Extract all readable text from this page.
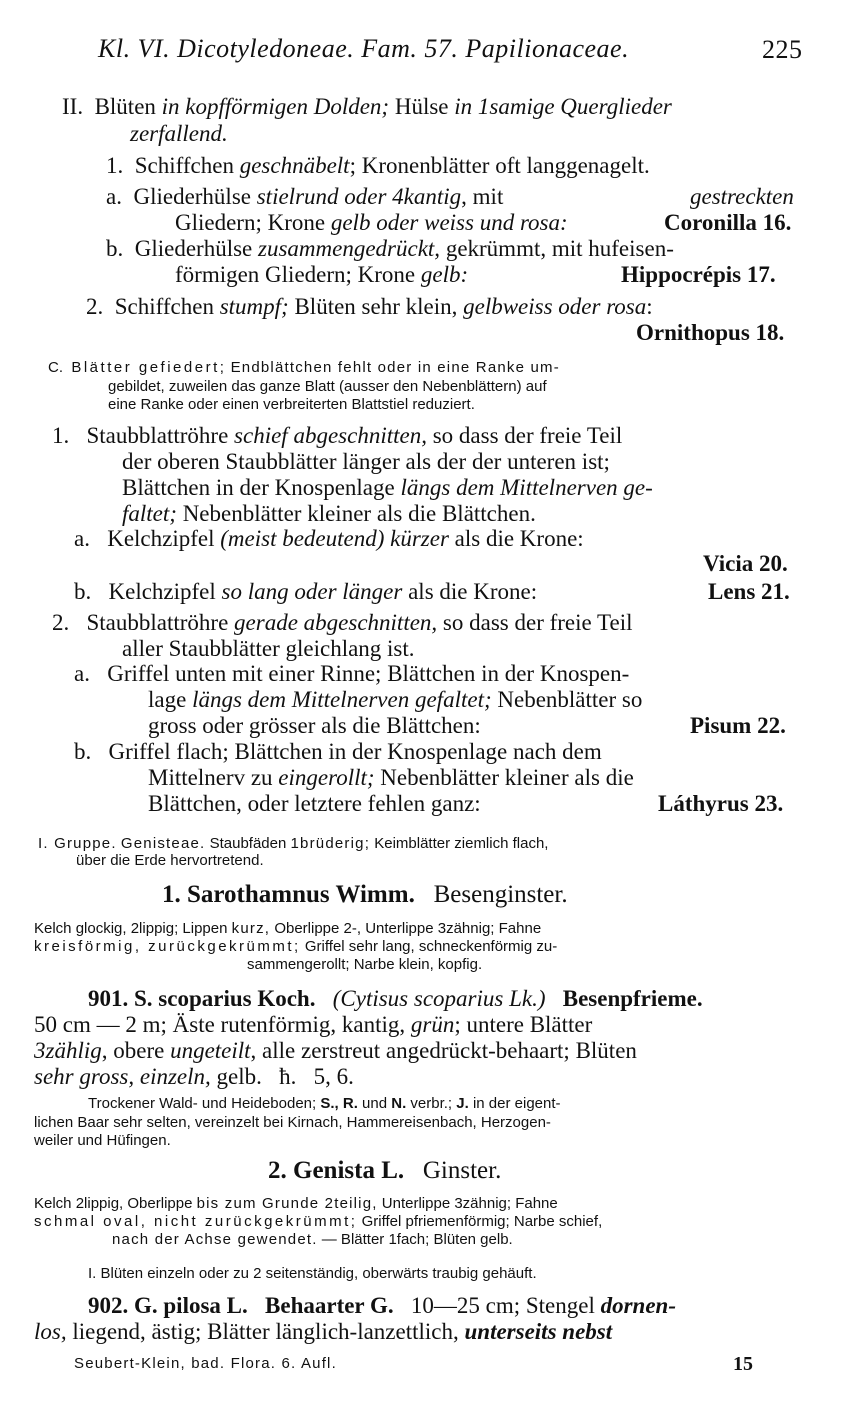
Kl. VI. Dicotyledoneae. Fam. 57. Papilionaceae.	225
II. Blüten in kopfförmigen Dolden; Hülse in 1samige Querglieder
zerfallend.
1. Schiffchen geschnäbelt; Kronenblätter oft langgenagelt.
a. Gliederhülse stielrund oder 4kantig, mit	gestreckten
Gliedern; Krone gelb oder weiss und rosa:	Coronilla 16.
b. Gliederhülse zusammengedrückt, gekrümmt, mit hufeisen-
förmigen Gliedern; Krone gelb:	Hippocrépis 17.
2. Schiffchen stumpf; Blüten sehr klein, gelbweiss oder rosa:
Ornithopus 18.
C. Blätter gefiedert; Endblättchen fehlt oder in eine Ranke um-
gebildet, zuweilen das ganze Blatt (ausser den Nebenblättern) auf
eine Ranke oder einen verbreiterten Blattstiel reduziert.
1. Staubblattröhre schief abgeschnitten, so dass der freie Teil
der oberen Staubblätter länger als der der unteren ist;
Blättchen in der Knospenlage längs dem Mittelnerven ge-
faltet; Nebenblätter kleiner als die Blättchen.
a. Kelchzipfel (meist bedeutend) kürzer als die Krone:
Vicia 20.
b. Kelchzipfel so lang oder länger als die Krone:	Lens 21.
2. Staubblattröhre gerade abgeschnitten, so dass der freie Teil
aller Staubblätter gleichlang ist.
a. Griffel unten mit einer Rinne; Blättchen in der Knospen-
lage längs dem Mittelnerven gefaltet; Nebenblätter so
gross oder grösser als die Blättchen:	Pisum 22.
b. Griffel flach; Blättchen in der Knospenlage nach dem
Mittelnerv zu eingerollt; Nebenblätter kleiner als die
Blättchen, oder letztere fehlen ganz:	Láthyrus 23.
I. Gruppe. Genisteae. Staubfäden 1brüderig; Keimblätter ziemlich flach,
über die Erde hervortretend.
1. Sarothamnus Wimm. Besenginster.
Kelch glockig, 2lippig; Lippen kurz, Oberlippe 2-, Unterlippe 3zähnig; Fahne
kreisförmig, zurückgekrümmt; Griffel sehr lang, schneckenförmig zu-
sammengerollt; Narbe klein, kopfig.
901. S. scoparius Koch. (Cytisus scoparius Lk.) Besenpfrieme.
50 cm — 2 m; Äste rutenförmig, kantig, grün; untere Blätter
3zählig, obere ungeteilt, alle zerstreut angedrückt-behaart; Blüten
sehr gross, einzeln, gelb. ħ. 5, 6.
Trockener Wald- und Heideboden; S., R. und N. verbr.; J. in der eigent-
lichen Baar sehr selten, vereinzelt bei Kirnach, Hammereisenbach, Herzogen-
weiler und Hüfingen.
2. Genista L. Ginster.
Kelch 2lippig, Oberlippe bis zum Grunde 2teilig, Unterlippe 3zähnig; Fahne
schmal oval, nicht zurückgekrümmt; Griffel pfriemenförmig; Narbe schief,
nach der Achse gewendet. — Blätter 1fach; Blüten gelb.
I. Blüten einzeln oder zu 2 seitenständig, oberwärts traubig gehäuft.
902. G. pilosa L. Behaarter G. 10—25 cm; Stengel dornen-
los, liegend, ästig; Blätter länglich-lanzettlich, unterseits nebst
Seubert-Klein, bad. Flora. 6. Aufl.	15
